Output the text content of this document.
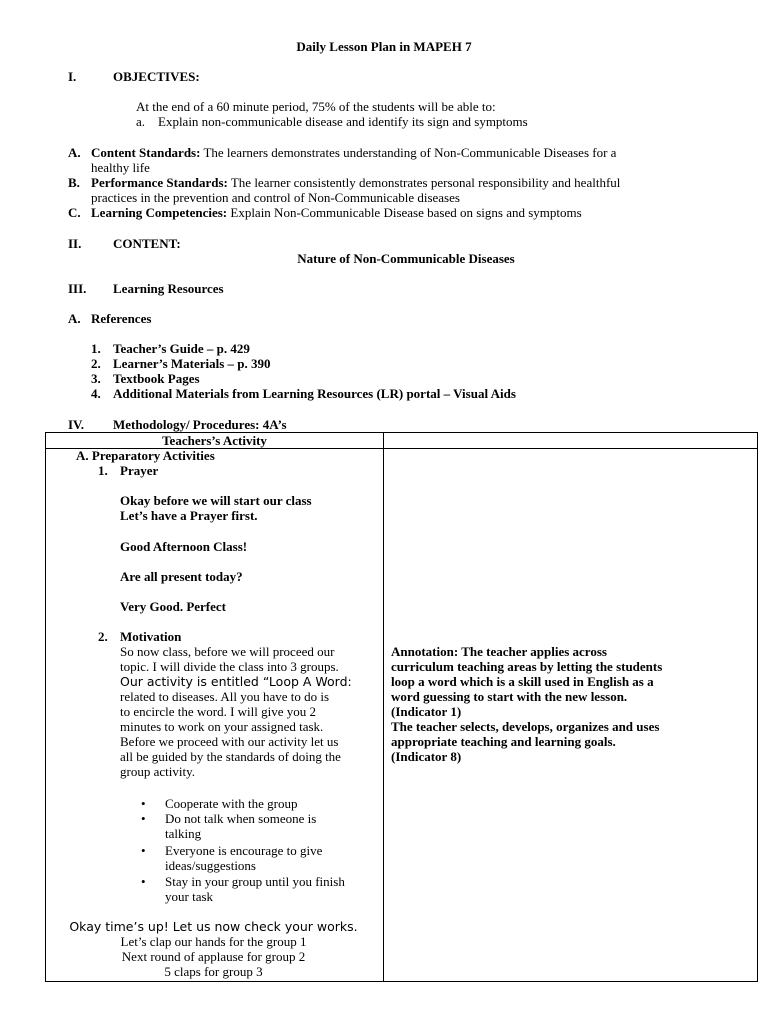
Daily Lesson Plan in MAPEH 7
I.	OBJECTIVES:
At the end of a 60 minute period, 75% of the students will be able to:
a. Explain non-communicable disease and identify its sign and symptoms
A. Content Standards: The learners demonstrates understanding of Non-Communicable Diseases for a
healthy life
B. Performance Standards: The learner consistently demonstrates personal responsibility and healthful
practices in the prevention and control of Non-Communicable diseases
C. Learning Competencies: Explain Non-Communicable Disease based on signs and symptoms
II. CONTENT:
Nature of Non-Communicable Diseases
III. Learning Resources
A. References
1. Teacher’s Guide – p. 429
2. Learner’s Materials – p. 390
3. Textbook Pages
4. Additional Materials from Learning Resources (LR) portal – Visual Aids
IV. Methodology/ Procedures: 4A’s
Teachers’s Activity
A. Preparatory Activities
1. Prayer
Okay before we will start our class
Let’s have a Prayer first.
Good Afternoon Class!
Are all present today?
Very Good. Perfect
2. Motivation
So now class, before we will proceed our
topic. I will divide the class into 3 groups.
Our activity is entitled “Loop A Word:
related to diseases. All you have to do is
to encircle the word. I will give you 2
minutes to work on your assigned task.
Before we proceed with our activity let us
all be guided by the standards of doing the
group activity.
• Cooperate with the group
• Do not talk when someone is
talking
• Everyone is encourage to give
ideas/suggestions
• Stay in your group until you finish
your task
Okay time’s up! Let us now check your works.
Let’s clap our hands for the group 1
Next round of applause for group 2
5 claps for group 3
Annotation: The teacher applies across
curriculum teaching areas by letting the students
loop a word which is a skill used in English as a
word guessing to start with the new lesson.
(Indicator 1)
The teacher selects, develops, organizes and uses
appropriate teaching and learning goals.
(Indicator 8)
